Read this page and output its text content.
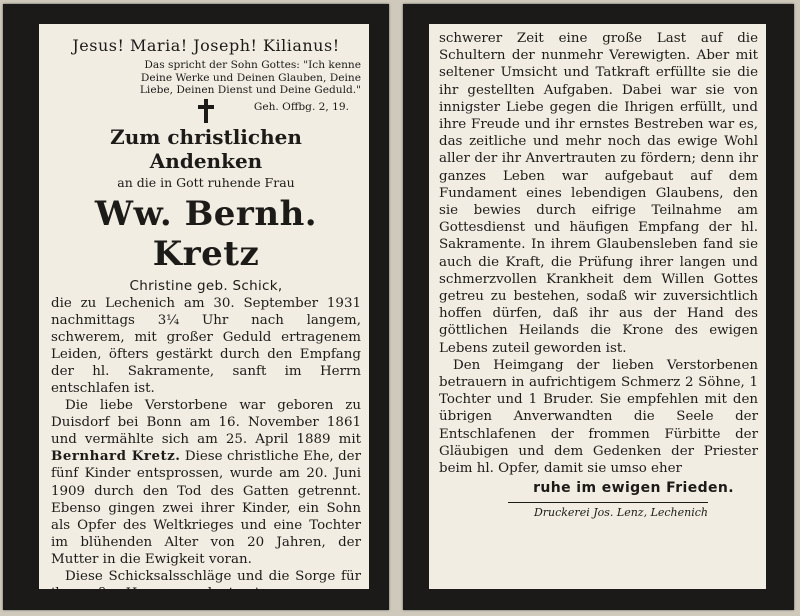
Jesus! Maria! Joseph! Kilianus!
Das spricht der Sohn Gottes: "Ich kenne
Deine Werke und Deinen Glauben, Deine
Liebe, Deinen Dienst und Deine Geduld."
Geh. Offbg. 2, 19.
Zum christlichen Andenken
an die in Gott ruhende Frau
Ww. Bernh. Kretz
Christine geb. Schick,

die zu Lechenich am 30. September 1931 nachmittags 3¼ Uhr nach langem, schwerem, mit großer Geduld ertragenem Leiden, öfters gestärkt durch den Empfang der hl. Sakramente, sanft im Herrn entschlafen ist.

Die liebe Verstorbene war geboren zu Duisdorf bei Bonn am 16. November 1861 und vermählte sich am 25. April 1889 mit Bernhard Kretz. Diese christliche Ehe, der fünf Kinder entsprossen, wurde am 20. Juni 1909 durch den Tod des Gatten getrennt. Ebenso gingen zwei ihrer Kinder, ein Sohn als Opfer des Weltkrieges und eine Tochter im blühenden Alter von 20 Jahren, der Mutter in die Ewigkeit voran.

Diese Schicksalsschläge und die Sorge für ihr großes Hauswesen legten in

schwerer Zeit eine große Last auf die Schultern der nunmehr Verewigten. Aber mit seltener Umsicht und Tatkraft erfüllte sie die ihr gestellten Aufgaben. Dabei war sie von innigster Liebe gegen die Ihrigen erfüllt, und ihre Freude und ihr ernstes Bestreben war es, das zeitliche und mehr noch das ewige Wohl aller der ihr Anvertrauten zu fördern; denn ihr ganzes Leben war aufgebaut auf dem Fundament eines lebendigen Glaubens, den sie bewies durch eifrige Teilnahme am Gottesdienst und häufigen Empfang der hl. Sakramente. In ihrem Glaubensleben fand sie auch die Kraft, die Prüfung ihrer langen und schmerzvollen Krankheit dem Willen Gottes getreu zu bestehen, sodaß wir zuversichtlich hoffen dürfen, daß ihr aus der Hand des göttlichen Heilands die Krone des ewigen Lebens zuteil geworden ist.

Den Heimgang der lieben Verstorbenen betrauern in aufrichtigem Schmerz 2 Söhne, 1 Tochter und 1 Bruder. Sie empfehlen mit den übrigen Anverwandten die Seele der Entschlafenen der frommen Fürbitte der Gläubigen und dem Gedenken der Priester beim hl. Opfer, damit sie umso eher

ruhe im ewigen Frieden.
Druckerei Jos. Lenz, Lechenich
